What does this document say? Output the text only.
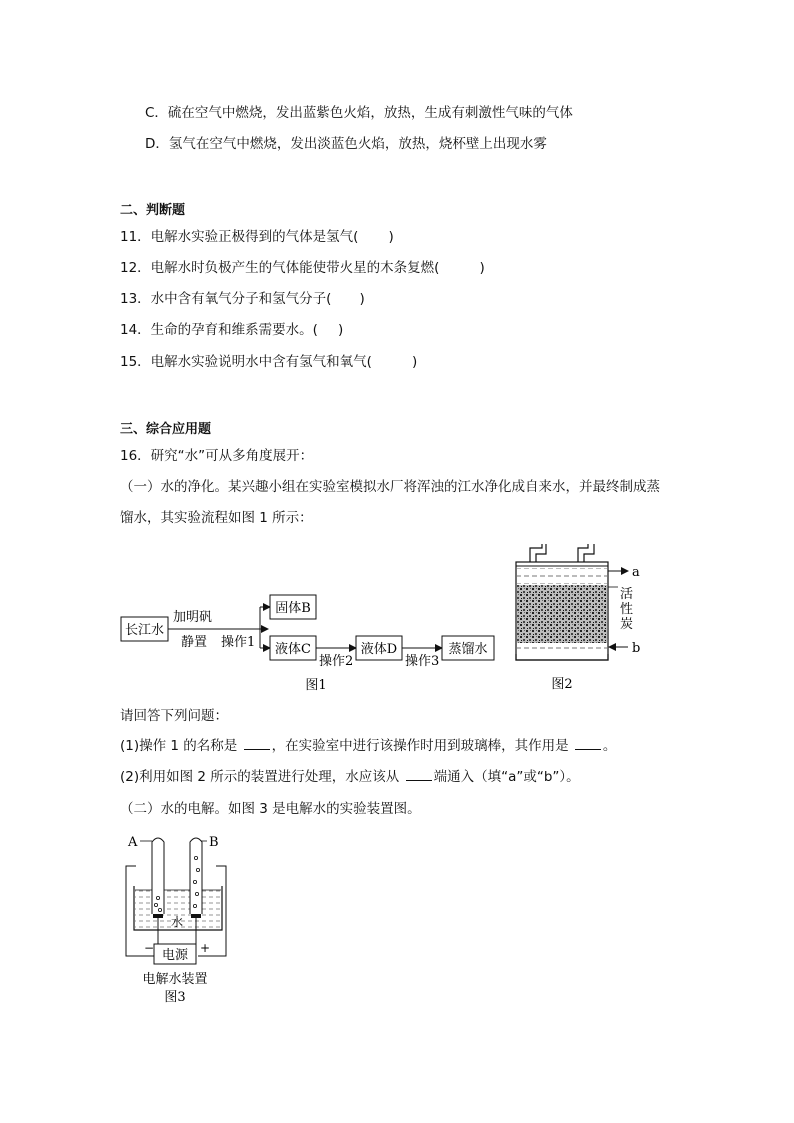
C．硫在空气中燃烧，发出蓝紫色火焰，放热，生成有刺激性气味的气体
D．氢气在空气中燃烧，发出淡蓝色火焰，放热，烧杯壁上出现水雾
二、判断题
11．电解水实验正极得到的气体是氢气( )
12．电解水时负极产生的气体能使带火星的木条复燃(	)
13．水中含有氧气分子和氢气分子( )
14．生命的孕育和维系需要水。( )
15．电解水实验说明水中含有氢气和氧气(	)
三、综合应用题
16．研究“水”可从多角度展开：
（一）水的净化。某兴趣小组在实验室模拟水厂将浑浊的江水净化成自来水，并最终制成蒸
馏水，其实验流程如图 1 所示：
长江水
加明矾
静置 操作1
固体B
液体C
操作2
液体D
操作3
蒸馏水
图1
a
b
活
性
炭
图2
请回答下列问题：
(1)操作 1 的名称是	，在实验室中进行该操作时用到玻璃棒，其作用是	。
(2)利用如图 2 所示的装置进行处理，水应该从	端通入（填“a”或“b”）。
（二）水的电解。如图 3 是电解水的实验装置图。
A	B
水
电源
−	+
电解水装置
图3
